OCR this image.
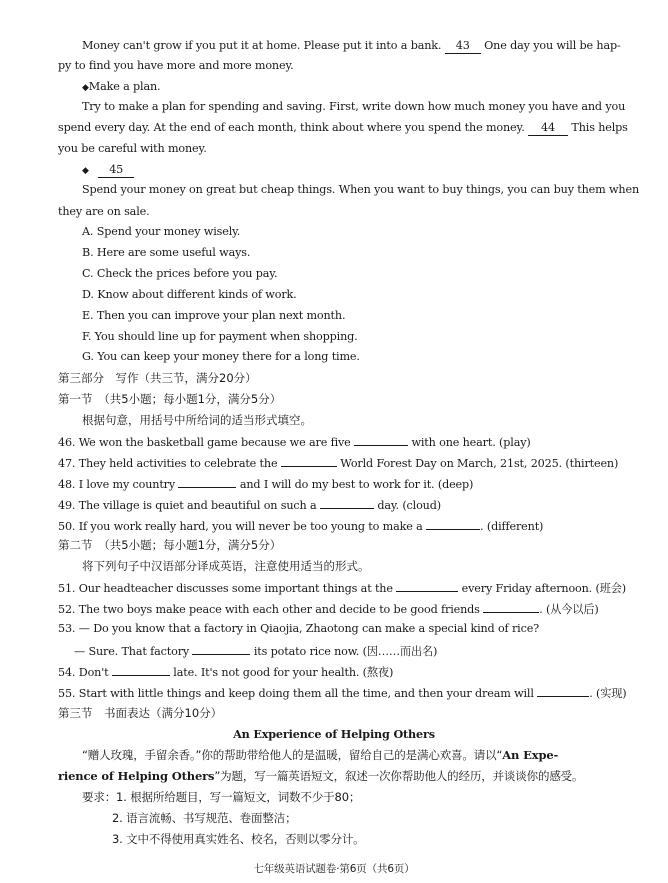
Money can't grow if you put it at home. Please put it into a bank. 43 One day you will be hap-
py to find you have more and more money.
◆Make a plan.
Try to make a plan for spending and saving. First, write down how much money you have and you
spend every day. At the end of each month, think about where you spend the money. 44 This helps
you be careful with money.
◆ 45
Spend your money on great but cheap things. When you want to buy things, you can buy them when
they are on sale.
A. Spend your money wisely.
B. Here are some useful ways.
C. Check the prices before you pay.
D. Know about different kinds of work.
E. Then you can improve your plan next month.
F. You should line up for payment when shopping.
G. You can keep your money there for a long time.
第三部分　写作（共三节，满分20分）
第一节　（共5小题；每小题1分，满分5分）
根据句意，用括号中所给词的适当形式填空。
46. We won the basketball game because we are five	with one heart. (play)
47. They held activities to celebrate the	World Forest Day on March, 21st, 2025. (thirteen)
48. I love my country	and I will do my best to work for it. (deep)
49. The village is quiet and beautiful on such a	day. (cloud)
50. If you work really hard, you will never be too young to make a	. (different)
第二节　（共5小题；每小题1分，满分5分）
将下列句子中汉语部分译成英语，注意使用适当的形式。
51. Our headteacher discusses some important things at the	every Friday afternoon. (班会)
52. The two boys make peace with each other and decide to be good friends	. (从今以后)
53. — Do you know that a factory in Qiaojia, Zhaotong can make a special kind of rice?
— Sure. That factory	its potato rice now. (因……而出名)
54. Don't	late. It's not good for your health. (熬夜)
55. Start with little things and keep doing them all the time, and then your dream will	. (实现)
第三节　书面表达（满分10分）
An Experience of Helping Others
“赠人玫瑰，手留余香。”你的帮助带给他人的是温暖，留给自己的是满心欢喜。请以“An Expe-
rience of Helping Others”为题，写一篇英语短文，叙述一次你帮助他人的经历，并谈谈你的感受。
要求：1. 根据所给题目，写一篇短文，词数不少于80；
2. 语言流畅、书写规范、卷面整洁；
3. 文中不得使用真实姓名、校名，否则以零分计。
七年级英语试题卷·第6页（共6页）
